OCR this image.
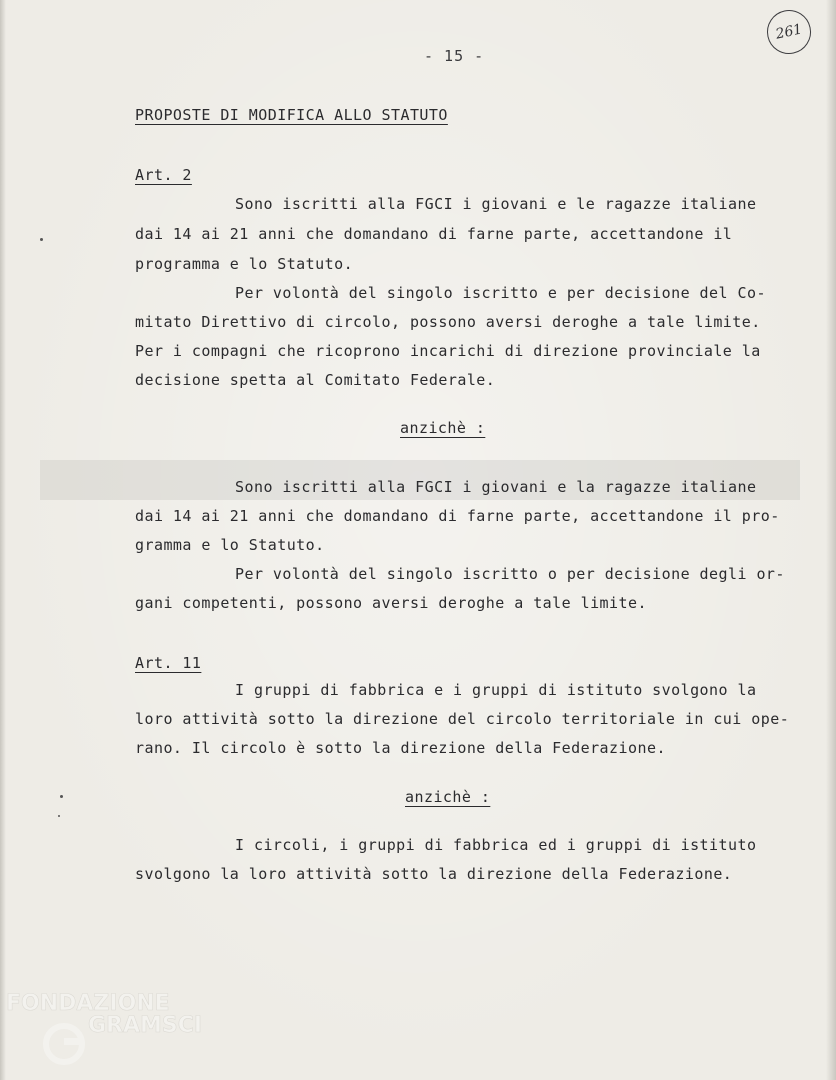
- 15 -
261
PROPOSTE DI MODIFICA ALLO STATUTO
Art. 2
Sono iscritti alla FGCI i giovani e le ragazze italiane
dai 14 ai 21 anni che domandano di farne parte, accettandone il
programma e lo Statuto.
Per volontà del singolo iscritto e per decisione del Co-
mitato Direttivo di circolo, possono aversi deroghe a tale limite.
Per i compagni che ricoprono incarichi di direzione provinciale la
decisione spetta al Comitato Federale.
anzichè :
Sono iscritti alla FGCI i giovani e la ragazze italiane
dai 14 ai 21 anni che domandano di farne parte, accettandone il pro-
gramma e lo Statuto.
Per volontà del singolo iscritto o per decisione degli or-
gani competenti, possono aversi deroghe a tale limite.
Art. 11
I gruppi di fabbrica e i gruppi di istituto svolgono la
loro attività sotto la direzione del circolo territoriale in cui ope-
rano. Il circolo è sotto la direzione della Federazione.
anzichè :
I circoli, i gruppi di fabbrica ed i gruppi di istituto
svolgono la loro attività sotto la direzione della Federazione.
FONDAZIONE
GRAMSCI
